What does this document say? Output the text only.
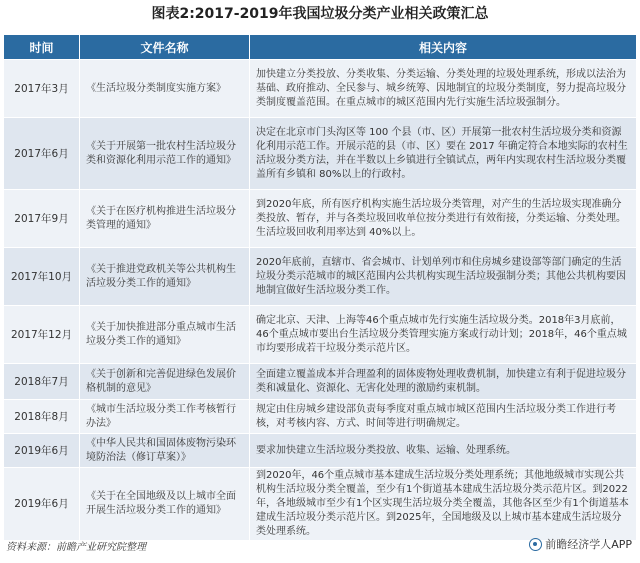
图表2:2017-2019年我国垃圾分类产业相关政策汇总
时间	文件名称	相关内容
2017年3月	《生活垃圾分类制度实施方案》	加快建立分类投放、分类收集、分类运输、分类处理的垃圾处理系统，形成以法治为基础、政府推动、全民参与、城乡统筹、因地制宜的垃圾分类制度，努力提高垃圾分类制度覆盖范围。在重点城市的城区范围内先行实施生活垃圾强制分。
2017年6月	《关于开展第一批农村生活垃圾分类和资源化利用示范工作的通知》	决定在北京市门头沟区等 100 个县（市、区）开展第一批农村生活垃圾分类和资源化利用示范工作。开展示范的县（市、区）要在 2017 年确定符合本地实际的农村生活垃圾分类方法，并在半数以上乡镇进行全镇试点，两年内实现农村生活垃圾分类覆盖所有乡镇和 80%以上的行政村。
2017年9月	《关于在医疗机构推进生活垃圾分类管理的通知》	到2020年底，所有医疗机构实施生活垃圾分类管理，对产生的生活垃圾实现准确分类投放、暂存，并与各类垃圾回收单位按分类进行有效衔接，分类运输、分类处理。生活垃圾回收利用率达到 40%以上。
2017年10月	《关于推进党政机关等公共机构生活垃圾分类工作的通知》	2020年底前，直辖市、省会城市、计划单列市和住房城乡建设部等部门确定的生活垃圾分类示范城市的城区范围内公共机构实现生活垃圾强制分类；其他公共机构要因地制宜做好生活垃圾分类工作。
2017年12月	《关于加快推进部分重点城市生活垃圾分类工作的通知》	确定北京、天津、上海等46个重点城市先行实施生活垃圾分类。2018年3月底前，46个重点城市要出台生活垃圾分类管理实施方案或行动计划；2018年，46个重点城市均要形成若干垃圾分类示范片区。
2018年7月	《关于创新和完善促进绿色发展价格机制的意见》	全面建立覆盖成本并合理盈利的固体废物处理收费机制，加快建立有利于促进垃圾分类和减量化、资源化、无害化处理的激励约束机制。
2018年8月	《城市生活垃圾分类工作考核暂行办法》	规定由住房城乡建设部负责每季度对重点城市城区范围内生活垃圾分类工作进行考核，对考核内容、方式、时间等进行明确规定。
2019年6月	《中华人民共和国固体废物污染环境防治法（修订草案）》	要求加快建立生活垃圾分类投放、收集、运输、处理系统。
2019年6月	《关于在全国地级及以上城市全面开展生活垃圾分类工作的通知》	到2020年，46个重点城市基本建成生活垃圾分类处理系统；其他地级城市实现公共机构生活垃圾分类全覆盖，至少有1个街道基本建成生活垃圾分类示范片区。到2022年，各地级城市至少有1个区实现生活垃圾分类全覆盖，其他各区至少有1个街道基本建成生活垃圾分类示范片区。到2025年，全国地级及以上城市基本建成生活垃圾分类处理系统。
资料来源：前瞻产业研究院整理	前瞻经济学人APP
